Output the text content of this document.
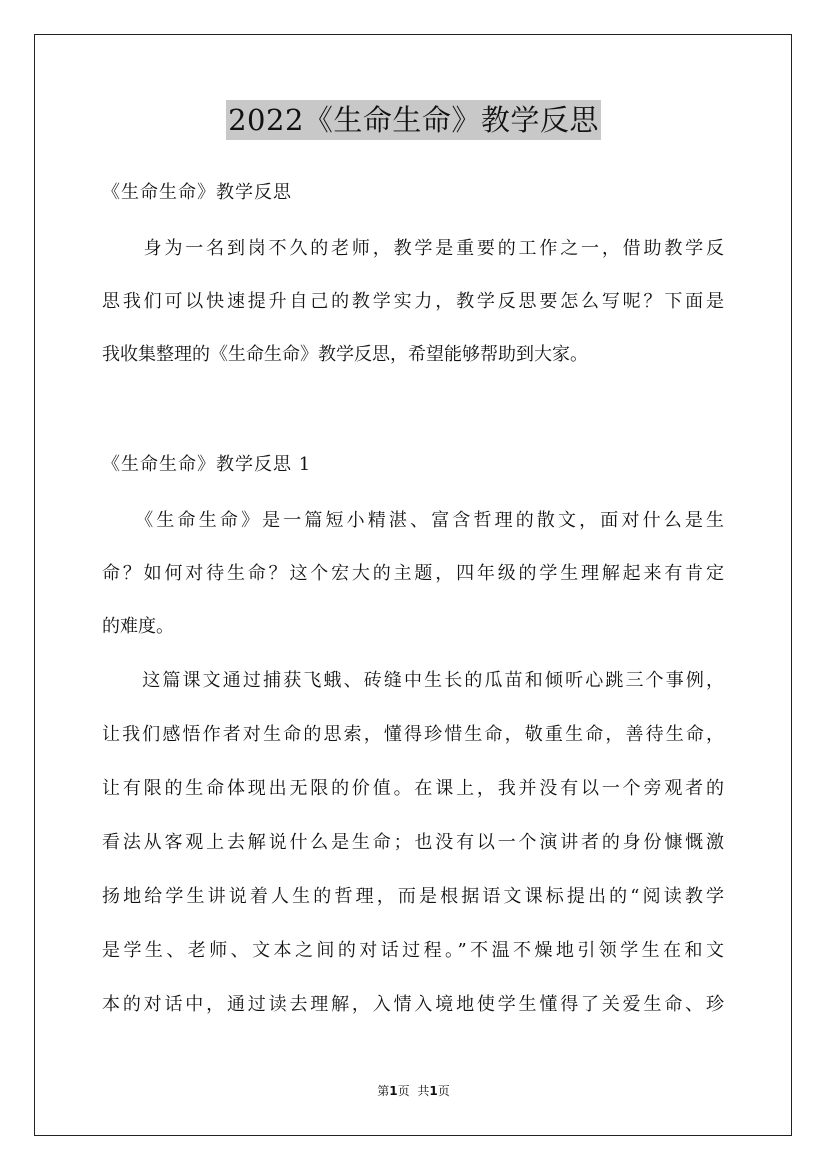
2022《生命生命》教学反思
《生命生命》教学反思
　　身为一名到岗不久的老师，教学是重要的工作之一，借助教学反
思我们可以快速提升自己的教学实力，教学反思要怎么写呢？下面是
我收集整理的《生命生命》教学反思，希望能够帮助到大家。
《生命生命》教学反思 1
　　《生命生命》是一篇短小精湛、富含哲理的散文，面对什么是生
命？如何对待生命？这个宏大的主题，四年级的学生理解起来有肯定
的难度。
　　这篇课文通过捕获飞蛾、砖缝中生长的瓜苗和倾听心跳三个事例，
让我们感悟作者对生命的思索，懂得珍惜生命，敬重生命，善待生命，
让有限的生命体现出无限的价值。在课上，我并没有以一个旁观者的
看法从客观上去解说什么是生命；也没有以一个演讲者的身份慷慨激
扬地给学生讲说着人生的哲理，而是根据语文课标提出的“阅读教学
是学生、老师、文本之间的对话过程。”不温不燥地引领学生在和文
本的对话中，通过读去理解，入情入境地使学生懂得了关爱生命、珍
第1页 共1页
